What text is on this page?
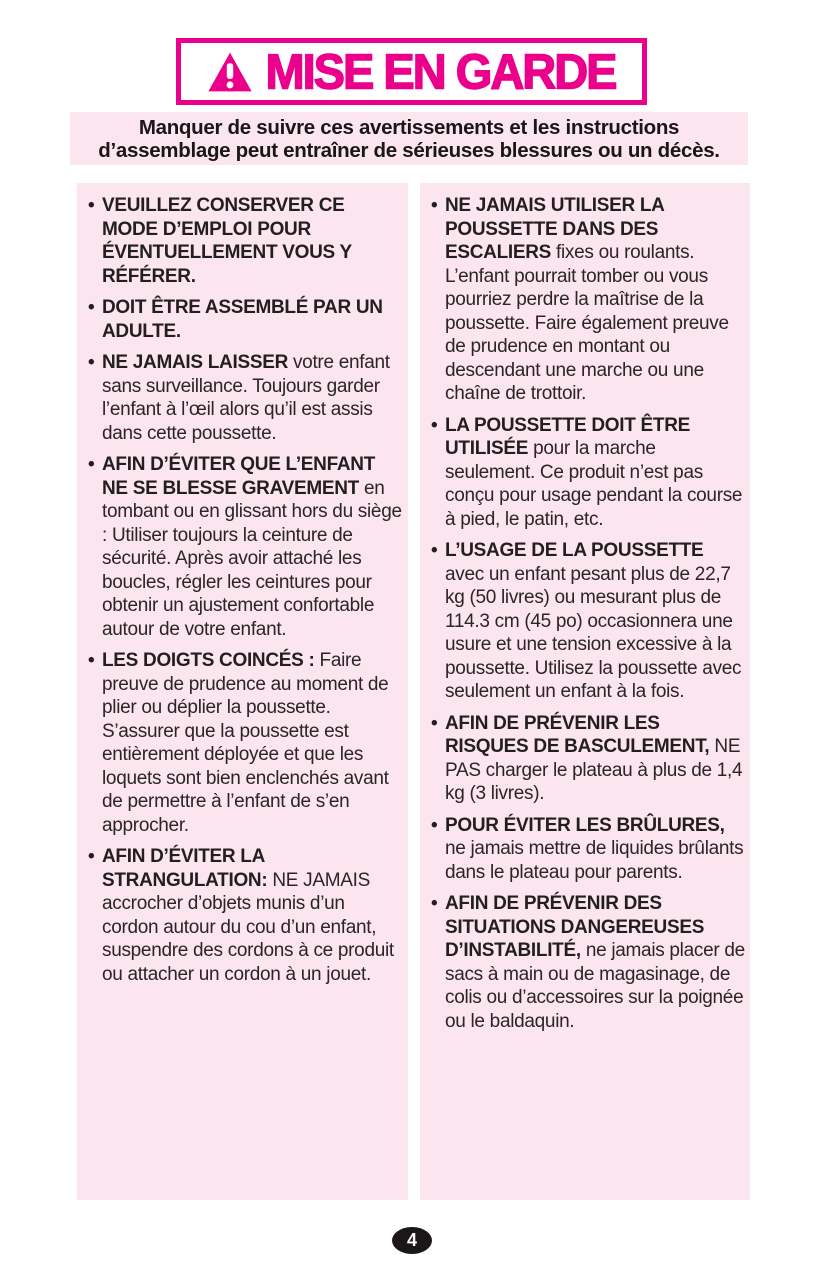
MISE EN GARDE
Manquer de suivre ces avertissements et les instructions
d’assemblage peut entraîner de sérieuses blessures ou un décès.
• VEUILLEZ CONSERVER CE MODE D’EMPLOI POUR ÉVENTUELLEMENT VOUS Y RÉFÉRER.
• DOIT ÊTRE ASSEMBLÉ PAR UN ADULTE.
• NE JAMAIS LAISSER votre enfant sans surveillance. Toujours garder l’enfant à l’œil alors qu’il est assis dans cette poussette.
• AFIN D’ÉVITER QUE L’ENFANT NE SE BLESSE GRAVEMENT en tombant ou en glissant hors du siège : Utiliser toujours la ceinture de sécurité. Après avoir attaché les boucles, régler les ceintures pour obtenir un ajustement confortable autour de votre enfant.
• LES DOIGTS COINCÉS : Faire preuve de prudence au moment de plier ou déplier la poussette. S’assurer que la poussette est entièrement déployée et que les loquets sont bien enclenchés avant de permettre à l’enfant de s’en approcher.
• AFIN D’ÉVITER LA STRANGULATION: NE JAMAIS accrocher d’objets munis d’un cordon autour du cou d’un enfant, suspendre des cordons à ce produit ou attacher un cordon à un jouet.
• NE JAMAIS UTILISER LA POUSSETTE DANS DES ESCALIERS fixes ou roulants. L’enfant pourrait tomber ou vous pourriez perdre la maîtrise de la poussette. Faire également preuve de prudence en montant ou descendant une marche ou une chaîne de trottoir.
• LA POUSSETTE DOIT ÊTRE UTILISÉE pour la marche seulement. Ce produit n’est pas conçu pour usage pendant la course à pied, le patin, etc.
• L’USAGE DE LA POUSSETTE avec un enfant pesant plus de 22,7 kg (50 livres) ou mesurant plus de 114.3 cm (45 po) occasionnera une usure et une tension excessive à la poussette. Utilisez la poussette avec seulement un enfant à la fois.
• AFIN DE PRÉVENIR LES RISQUES DE BASCULEMENT, NE PAS charger le plateau à plus de 1,4 kg (3 livres).
• POUR ÉVITER LES BRÛLURES, ne jamais mettre de liquides brûlants dans le plateau pour parents.
• AFIN DE PRÉVENIR DES SITUATIONS DANGEREUSES D’INSTABILITÉ, ne jamais placer de sacs à main ou de magasinage, de colis ou d’accessoires sur la poignée ou le baldaquin.
4
